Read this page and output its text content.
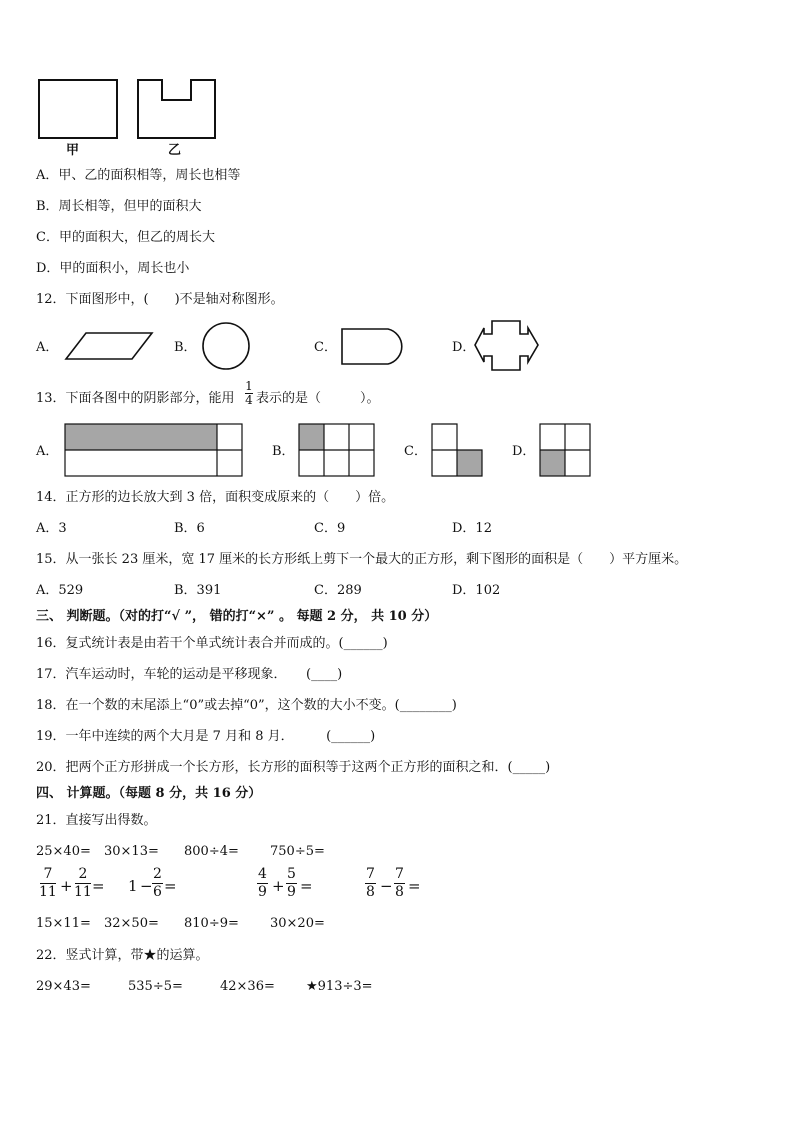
甲	乙
A．甲、乙的面积相等，周长也相等
B．周长相等，但甲的面积大
C．甲的面积大，但乙的周长大
D．甲的面积小，周长也小
12．下面图形中，(　　)不是轴对称图形。
A．	B．	C．	D．
13．下面各图中的阴影部分，能用
1
4 表示的是（　　　）。
A．	B．	C．	D．
14．正方形的边长放大到 3 倍，面积变成原来的（　　）倍。
A．3	B．6	C．9	D．12
15．从一张长 23 厘米，宽 17 厘米的长方形纸上剪下一个最大的正方形，剩下图形的面积是（　　）平方厘米。
A．529	B．391	C．289	D．102
三、 判断题。（对的打“√ ”， 错的打“×” 。 每题 2 分， 共 10 分）
16．复式统计表是由若干个单式统计表合并而成的。(______)
17．汽车运动时，车轮的运动是平移现象．　　(____)
18．在一个数的末尾添上“0”或去掉“0”，这个数的大小不变。(________)
19．一年中连续的两个大月是 7 月和 8 月．　　　(______)
20．把两个正方形拼成一个长方形，长方形的面积等于这两个正方形的面积之和．(_____)
四、 计算题。（每题 8 分，共 16 分）
21．直接写出得数。
25×40= 30×13= 800÷4= 750÷5=
7
11 +
2
11 = 1 −
2
6 =
4
9 +
5
9 =
7
8 −
7
8 =
15×11= 32×50= 810÷9= 30×20=
22．竖式计算，带★的运算。
29×43=	535÷5=	42×36= ★913÷3=
